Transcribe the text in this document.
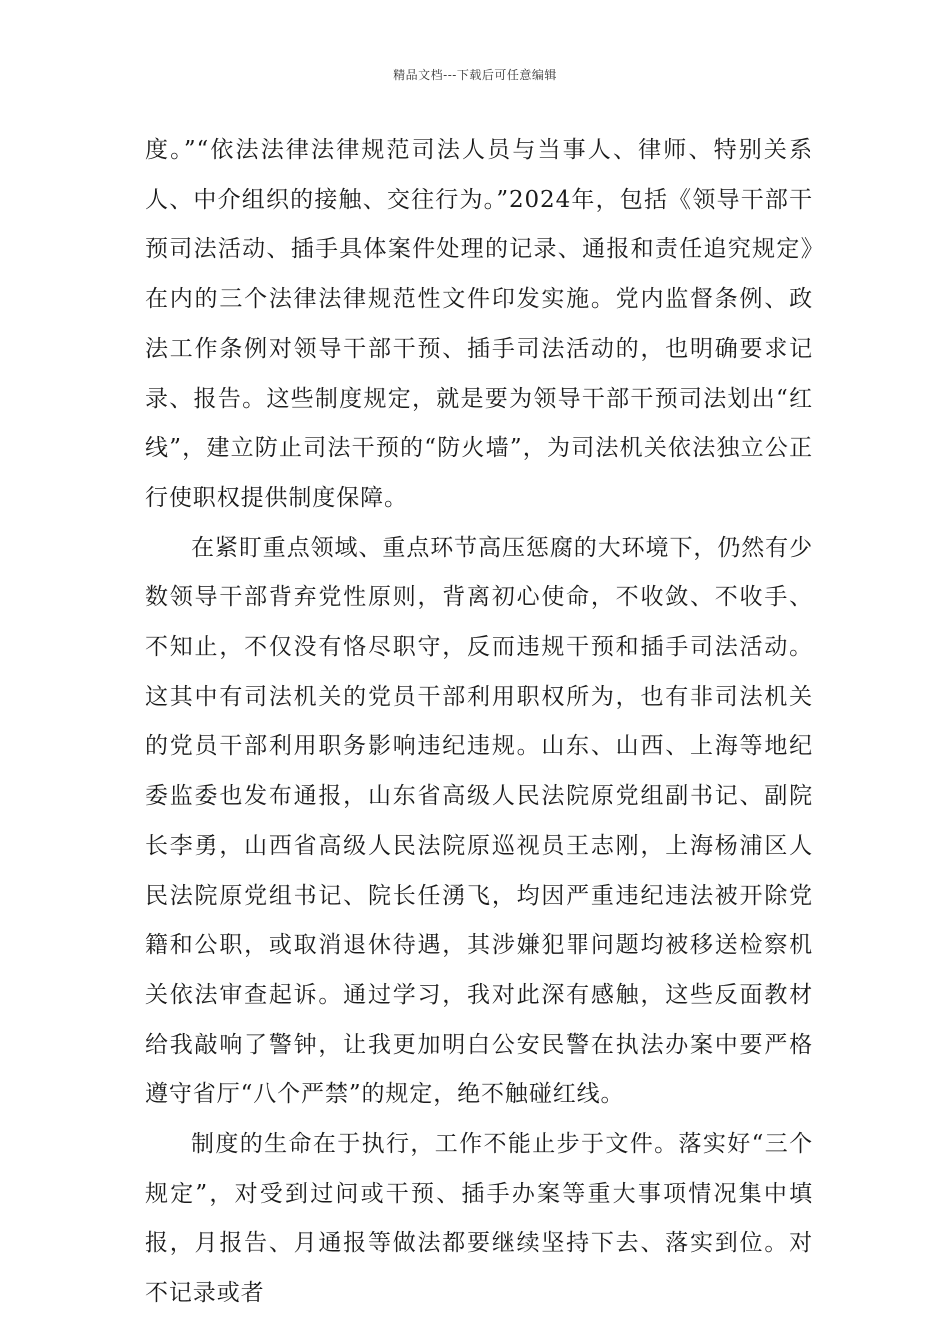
精品文档---下载后可任意编辑

度。”“依法法律法律规范司法人员与当事人、律师、特别关系人、中介组织的接触、交往行为。”2024年，包括《领导干部干预司法活动、插手具体案件处理的记录、通报和责任追究规定》在内的三个法律法律规范性文件印发实施。党内监督条例、政法工作条例对领导干部干预、插手司法活动的，也明确要求记录、报告。这些制度规定，就是要为领导干部干预司法划出“红线”，建立防止司法干预的“防火墙”，为司法机关依法独立公正行使职权提供制度保障。

在紧盯重点领域、重点环节高压惩腐的大环境下，仍然有少数领导干部背弃党性原则，背离初心使命，不收敛、不收手、不知止，不仅没有恪尽职守，反而违规干预和插手司法活动。这其中有司法机关的党员干部利用职权所为，也有非司法机关的党员干部利用职务影响违纪违规。山东、山西、上海等地纪委监委也发布通报，山东省高级人民法院原党组副书记、副院长李勇，山西省高级人民法院原巡视员王志刚，上海杨浦区人民法院原党组书记、院长任湧飞，均因严重违纪违法被开除党籍和公职，或取消退休待遇，其涉嫌犯罪问题均被移送检察机关依法审查起诉。通过学习，我对此深有感触，这些反面教材给我敲响了警钟，让我更加明白公安民警在执法办案中要严格遵守省厅“八个严禁”的规定，绝不触碰红线。

制度的生命在于执行，工作不能止步于文件。落实好“三个规定”，对受到过问或干预、插手办案等重大事项情况集中填报，月报告、月通报等做法都要继续坚持下去、落实到位。对不记录或者
